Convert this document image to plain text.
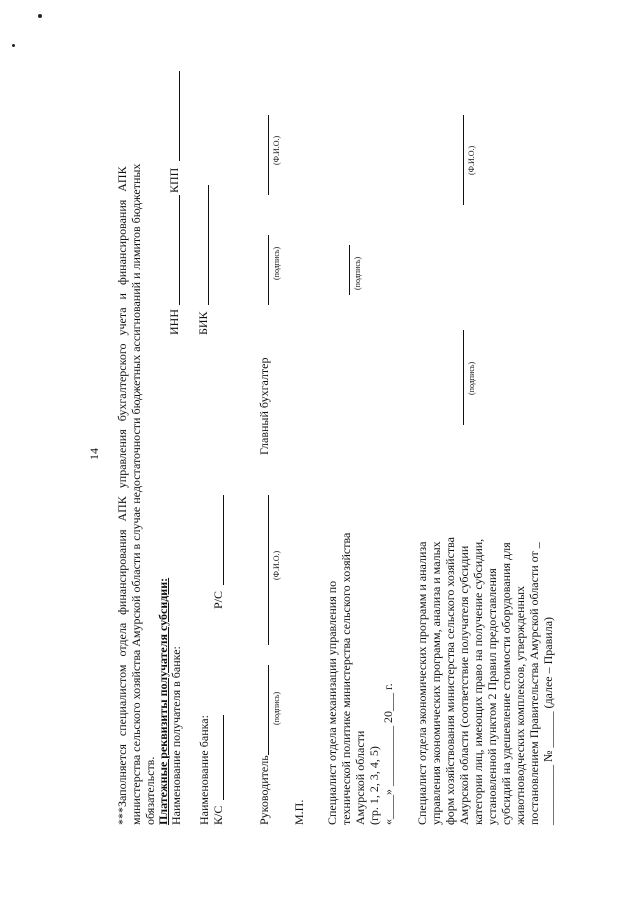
14 ***Заполняется специалистом отдела финансирования АПК управления бухгалтерского учета и финансирования АПК министерства сельского хозяйства Амурской области в случае недостаточности бюджетных ассигнований и лимитов бюджетных обязательств. Платежные реквизиты получателя субсидии: Наименование получателя в банке:
ИНН
КПП
Наименование банка:
БИК
К/С
Р/С
Руководитель
(подпись)
(Ф.И.О.)
Главный бухгалтер
(подпись)
(Ф.И.О.)
М.П. Специалист отдела механизации управления по технической политике министерства сельского хозяйства Амурской области (гр. 1, 2, 3, 4, 5) «____» __________ 20___ г.
(подпись)
Специалист отдела экономических программ и анализа управления экономических программ, анализа и малых форм хозяйствования министерства сельского хозяйства Амурской области (соответствие получателя субсидии категории лиц, имеющих право на получение субсидии, установленной пунктом 2 Правил предоставления субсидий на удешевление стоимости оборудования для животноводческих комплексов, утвержденных постановлением Правительства Амурской области от _ __________ № ______ (далее – Правила)
(подпись)
(Ф.И.О.)
